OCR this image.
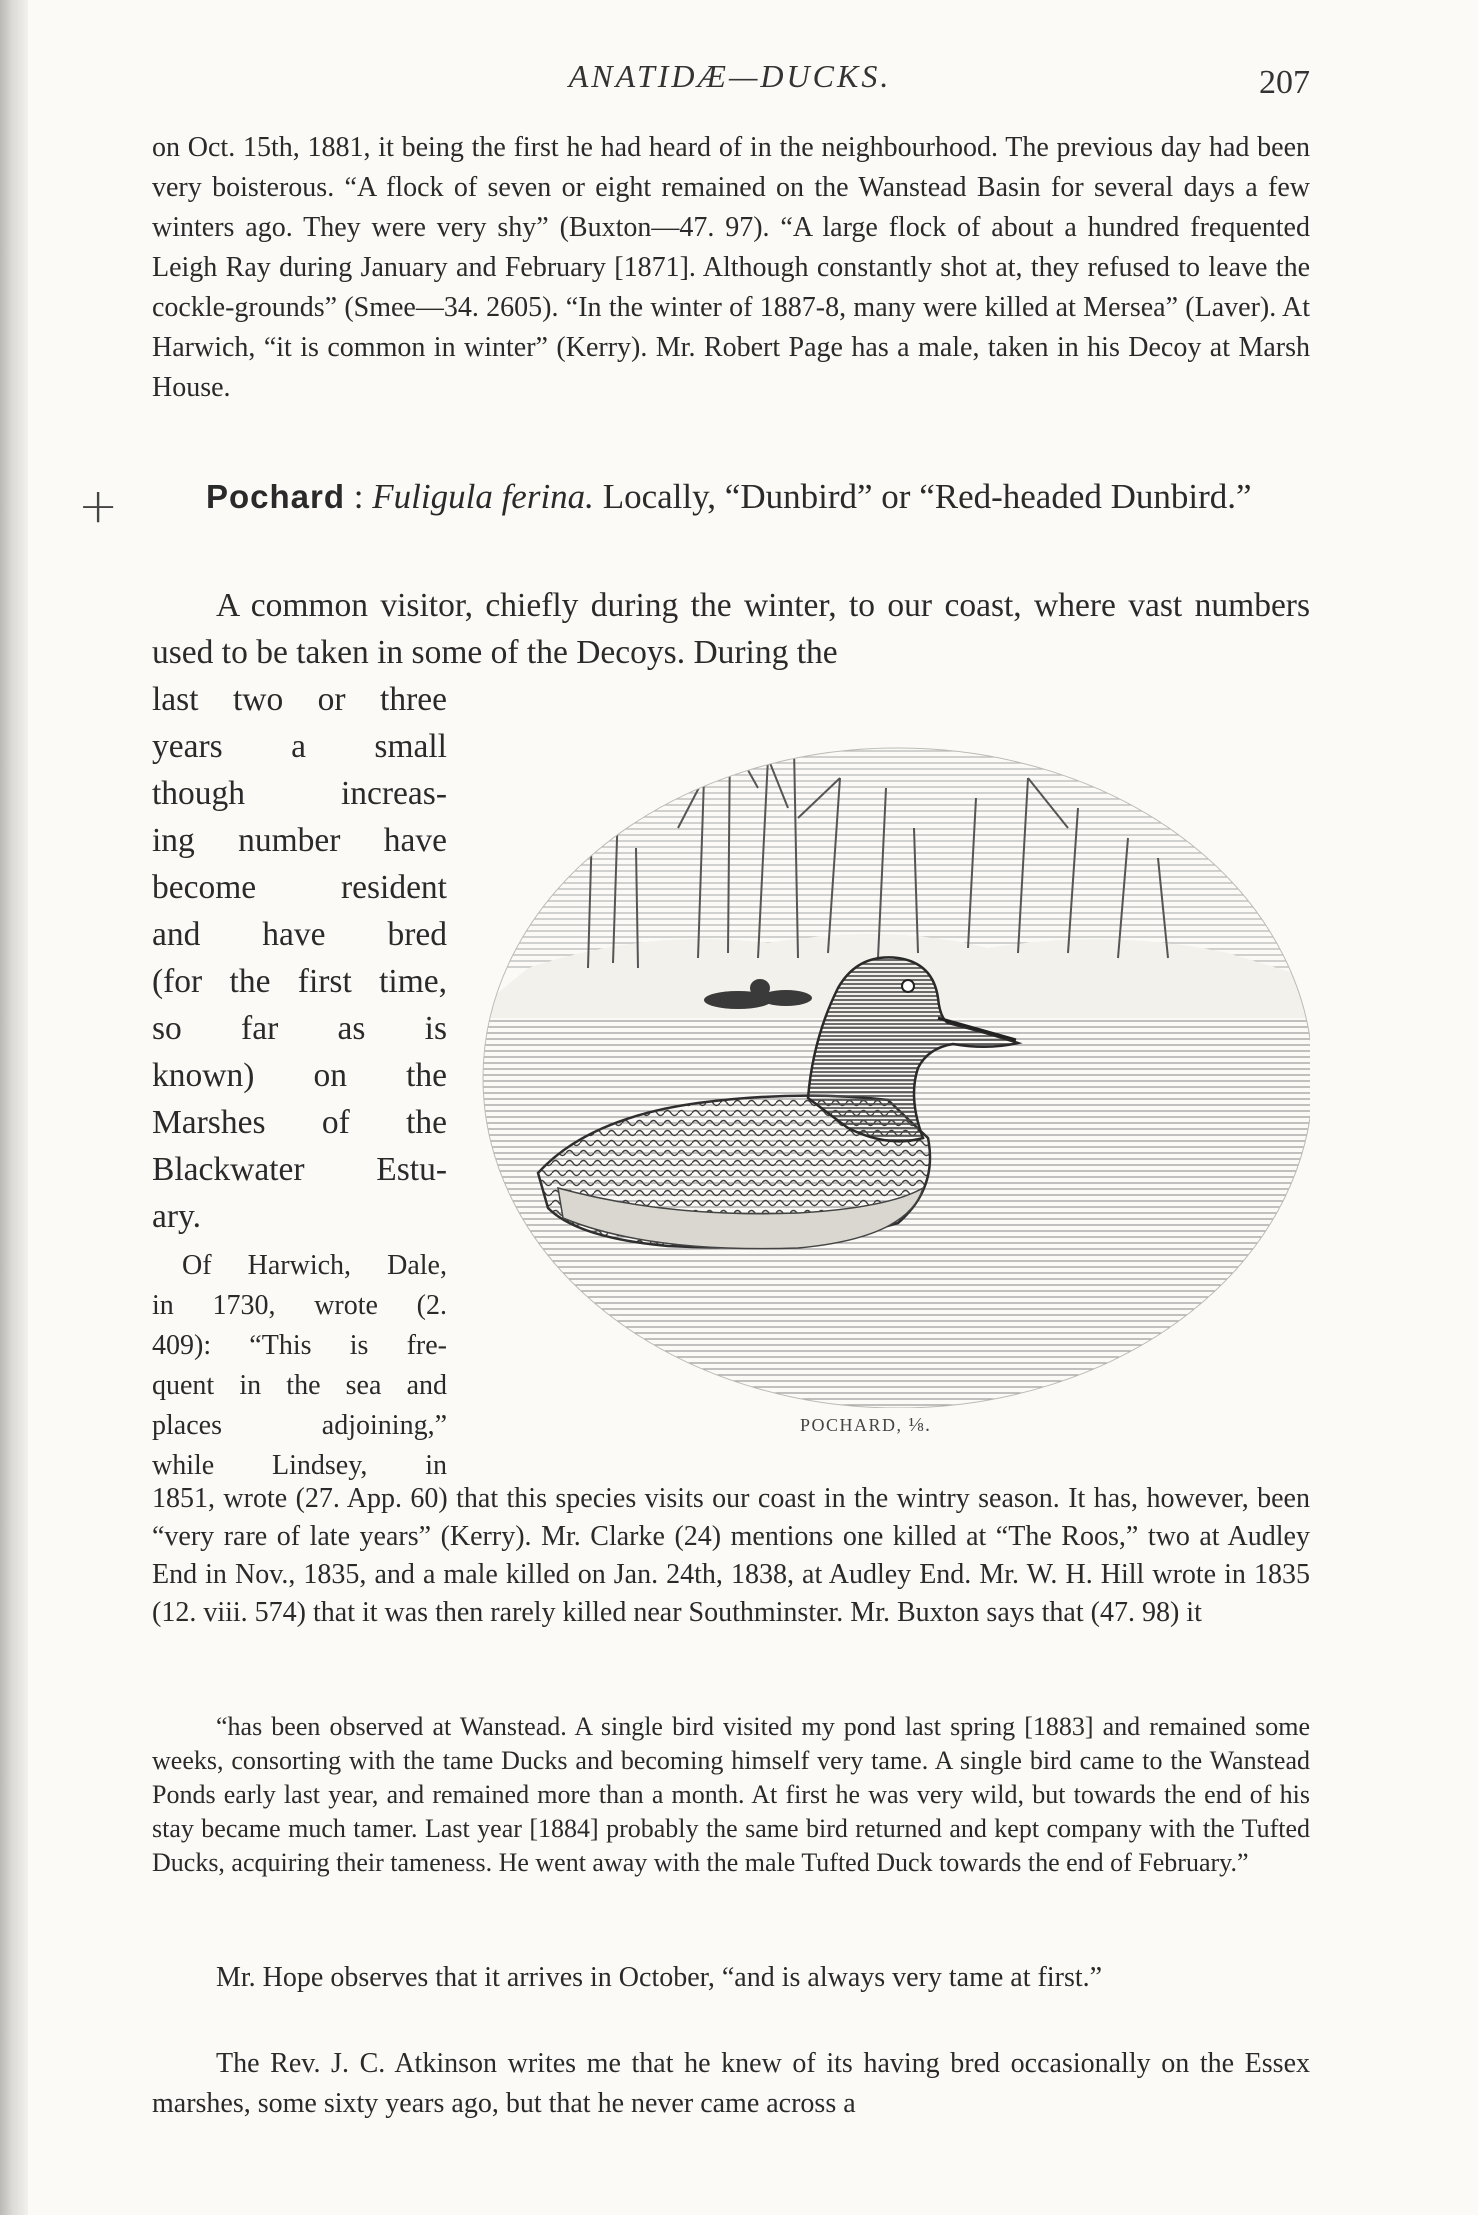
+
ANATIDÆ—DUCKS.	207
on Oct. 15th, 1881, it being the first he had heard of in the neighbourhood. The previous day had been very boisterous. “A flock of seven or eight remained on the Wanstead Basin for several days a few winters ago. They were very shy” (Buxton—47. 97). “A large flock of about a hundred frequented Leigh Ray during January and February [1871]. Although constantly shot at, they refused to leave the cockle-grounds” (Smee—34. 2605). “In the winter of 1887-8, many were killed at Mersea” (Laver). At Harwich, “it is common in winter” (Kerry). Mr. Robert Page has a male, taken in his Decoy at Marsh House.
Pochard : Fuligula ferina. Locally, “Dunbird” or “Red-headed Dunbird.”
A common visitor, chiefly during the winter, to our coast, where vast numbers used to be taken in some of the Decoys. During the
last two or three
years a small
though increas-
ing number have
become resident
and have bred
(for the first time,
so far as is
known) on the
Marshes of the
Blackwater Estu-
ary.
Of Harwich, Dale,
in 1730, wrote (2.
409): “This is fre-
quent in the sea and
places adjoining,”
while Lindsey, in
POCHARD, ⅛.
1851, wrote (27. App. 60) that this species visits our coast in the wintry season. It has, however, been “very rare of late years” (Kerry). Mr. Clarke (24) mentions one killed at “The Roos,” two at Audley End in Nov., 1835, and a male killed on Jan. 24th, 1838, at Audley End. Mr. W. H. Hill wrote in 1835 (12. viii. 574) that it was then rarely killed near Southminster. Mr. Buxton says that (47. 98) it
“has been observed at Wanstead. A single bird visited my pond last spring [1883] and remained some weeks, consorting with the tame Ducks and becoming himself very tame. A single bird came to the Wanstead Ponds early last year, and remained more than a month. At first he was very wild, but towards the end of his stay became much tamer. Last year [1884] probably the same bird returned and kept company with the Tufted Ducks, acquiring their tameness. He went away with the male Tufted Duck towards the end of February.”
Mr. Hope observes that it arrives in October, “and is always very tame at first.”
The Rev. J. C. Atkinson writes me that he knew of its having bred occasionally on the Essex marshes, some sixty years ago, but that he never came across a
